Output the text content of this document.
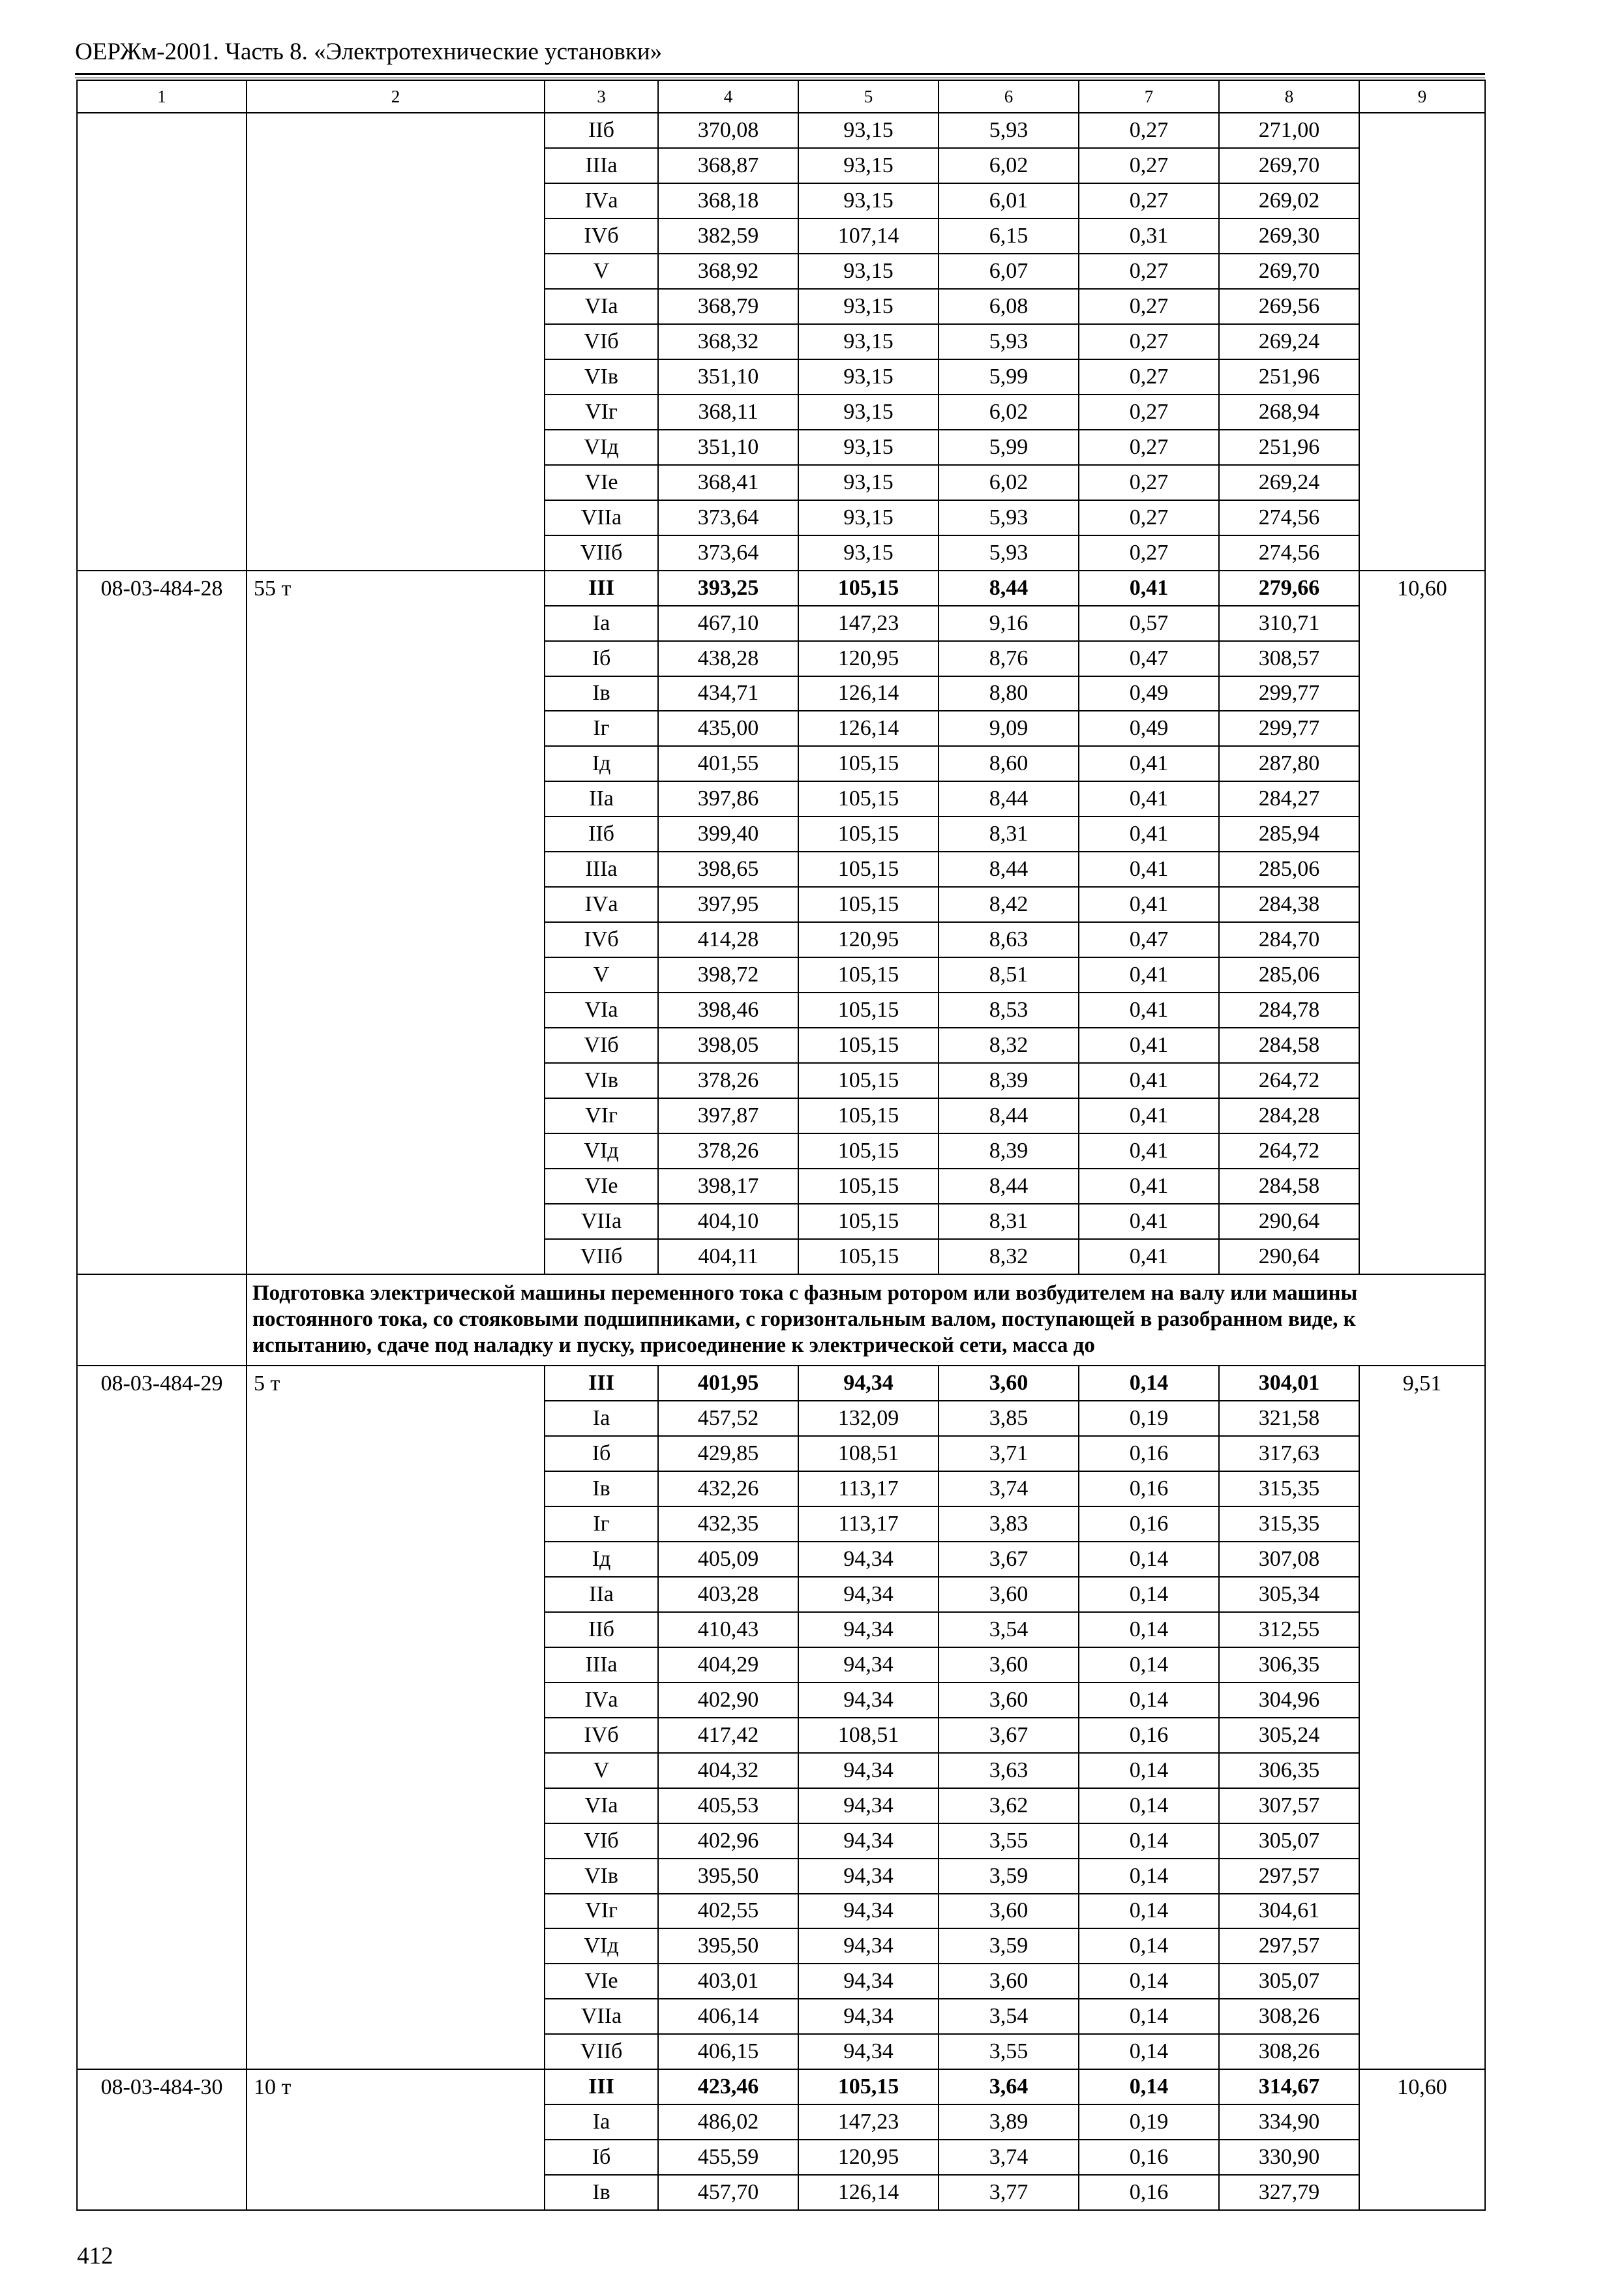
ОЕРЖм-2001. Часть 8. «Электротехнические установки»
1	2	3	4	5	6	7	8	9
		IIб	370,08	93,15	5,93	0,27	271,00	
		IIIа	368,87	93,15	6,02	0,27	269,70	
		IVа	368,18	93,15	6,01	0,27	269,02	
		IVб	382,59	107,14	6,15	0,31	269,30	
		V	368,92	93,15	6,07	0,27	269,70	
		VIа	368,79	93,15	6,08	0,27	269,56	
		VIб	368,32	93,15	5,93	0,27	269,24	
		VIв	351,10	93,15	5,99	0,27	251,96	
		VIг	368,11	93,15	6,02	0,27	268,94	
		VIд	351,10	93,15	5,99	0,27	251,96	
		VIе	368,41	93,15	6,02	0,27	269,24	
		VIIа	373,64	93,15	5,93	0,27	274,56	
		VIIб	373,64	93,15	5,93	0,27	274,56	
08-03-484-28	55 т	III	393,25	105,15	8,44	0,41	279,66	10,60
		Iа	467,10	147,23	9,16	0,57	310,71	
		Iб	438,28	120,95	8,76	0,47	308,57	
		Iв	434,71	126,14	8,80	0,49	299,77	
		Iг	435,00	126,14	9,09	0,49	299,77	
		Iд	401,55	105,15	8,60	0,41	287,80	
		IIа	397,86	105,15	8,44	0,41	284,27	
		IIб	399,40	105,15	8,31	0,41	285,94	
		IIIа	398,65	105,15	8,44	0,41	285,06	
		IVа	397,95	105,15	8,42	0,41	284,38	
		IVб	414,28	120,95	8,63	0,47	284,70	
		V	398,72	105,15	8,51	0,41	285,06	
		VIа	398,46	105,15	8,53	0,41	284,78	
		VIб	398,05	105,15	8,32	0,41	284,58	
		VIв	378,26	105,15	8,39	0,41	264,72	
		VIг	397,87	105,15	8,44	0,41	284,28	
		VIд	378,26	105,15	8,39	0,41	264,72	
		VIе	398,17	105,15	8,44	0,41	284,58	
		VIIа	404,10	105,15	8,31	0,41	290,64	
		VIIб	404,11	105,15	8,32	0,41	290,64	
	Подготовка электрической машины переменного тока с фазным ротором или возбудителем на валу или машины постоянного тока, со стояковыми подшипниками, с горизонтальным валом, поступающей в разобранном виде, к испытанию, сдаче под наладку и пуску, присоединение к электрической сети, масса до							
08-03-484-29	5 т	III	401,95	94,34	3,60	0,14	304,01	9,51
		Iа	457,52	132,09	3,85	0,19	321,58	
		Iб	429,85	108,51	3,71	0,16	317,63	
		Iв	432,26	113,17	3,74	0,16	315,35	
		Iг	432,35	113,17	3,83	0,16	315,35	
		Iд	405,09	94,34	3,67	0,14	307,08	
		IIа	403,28	94,34	3,60	0,14	305,34	
		IIб	410,43	94,34	3,54	0,14	312,55	
		IIIа	404,29	94,34	3,60	0,14	306,35	
		IVа	402,90	94,34	3,60	0,14	304,96	
		IVб	417,42	108,51	3,67	0,16	305,24	
		V	404,32	94,34	3,63	0,14	306,35	
		VIа	405,53	94,34	3,62	0,14	307,57	
		VIб	402,96	94,34	3,55	0,14	305,07	
		VIв	395,50	94,34	3,59	0,14	297,57	
		VIг	402,55	94,34	3,60	0,14	304,61	
		VIд	395,50	94,34	3,59	0,14	297,57	
		VIе	403,01	94,34	3,60	0,14	305,07	
		VIIа	406,14	94,34	3,54	0,14	308,26	
		VIIб	406,15	94,34	3,55	0,14	308,26	
08-03-484-30	10 т	III	423,46	105,15	3,64	0,14	314,67	10,60
		Iа	486,02	147,23	3,89	0,19	334,90	
		Iб	455,59	120,95	3,74	0,16	330,90	
		Iв	457,70	126,14	3,77	0,16	327,79	
412
